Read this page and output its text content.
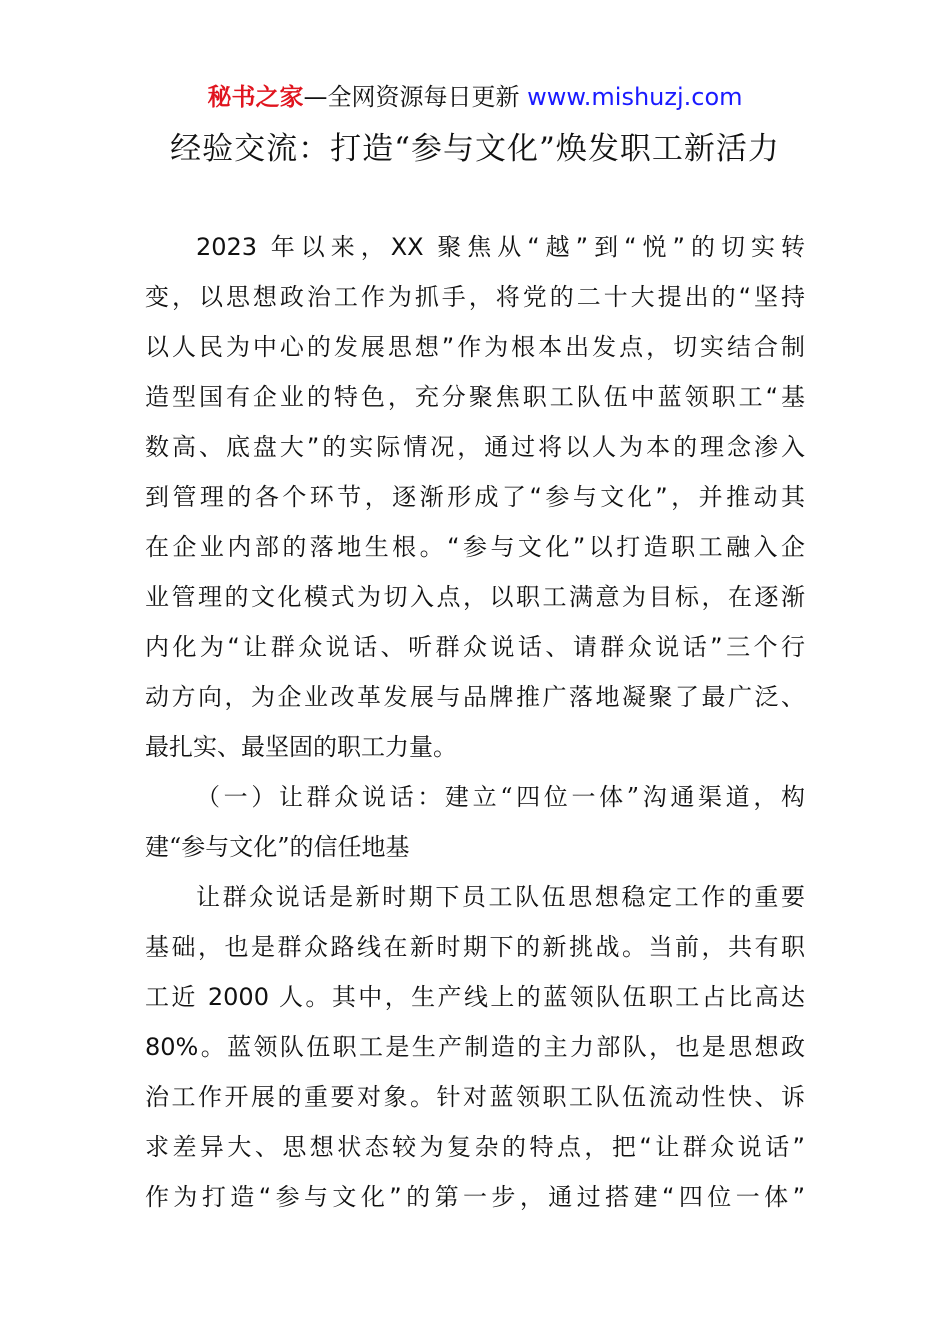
秘书之家—全网资源每日更新 www.mishuzj.com
经验交流：打造“参与文化”焕发职工新活力
2023 年以来，XX 聚焦从“越”到“悦”的切实转
变，以思想政治工作为抓手，将党的二十大提出的“坚持
以人民为中心的发展思想”作为根本出发点，切实结合制
造型国有企业的特色，充分聚焦职工队伍中蓝领职工“基
数高、底盘大”的实际情况，通过将以人为本的理念渗入
到管理的各个环节，逐渐形成了“参与文化”，并推动其
在企业内部的落地生根。“参与文化”以打造职工融入企
业管理的文化模式为切入点，以职工满意为目标，在逐渐
内化为“让群众说话、听群众说话、请群众说话”三个行
动方向，为企业改革发展与品牌推广落地凝聚了最广泛、
最扎实、最坚固的职工力量。
（一）让群众说话：建立“四位一体”沟通渠道，构
建“参与文化”的信任地基
让群众说话是新时期下员工队伍思想稳定工作的重要
基础，也是群众路线在新时期下的新挑战。当前，共有职
工近 2000 人。其中，生产线上的蓝领队伍职工占比高达
80%。蓝领队伍职工是生产制造的主力部队，也是思想政
治工作开展的重要对象。针对蓝领职工队伍流动性快、诉
求差异大、思想状态较为复杂的特点，把“让群众说话”
作为打造“参与文化”的第一步，通过搭建“四位一体”
